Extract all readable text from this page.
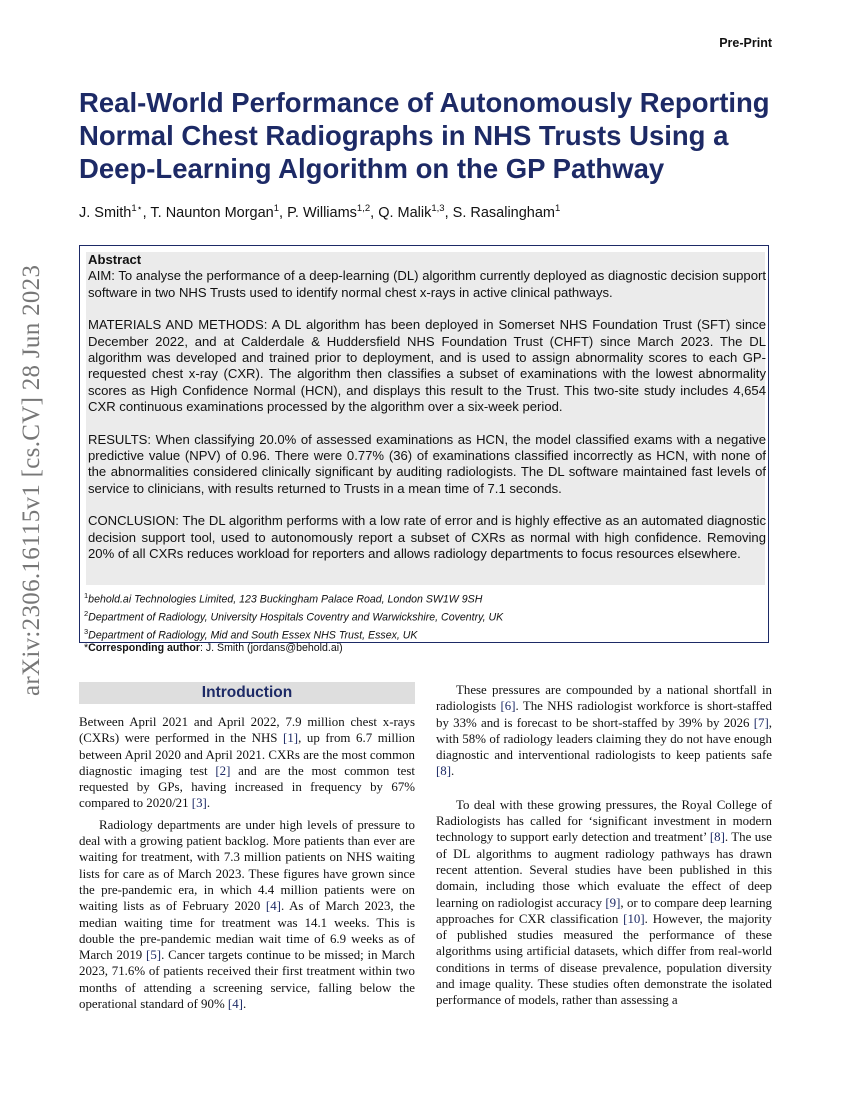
arXiv:2306.16115v1 [cs.CV] 28 Jun 2023
Pre-Print
Real-World Performance of Autonomously Reporting Normal Chest Radiographs in NHS Trusts Using a Deep-Learning Algorithm on the GP Pathway
J. Smith$^{1⋆}$, T. Naunton Morgan$^1$, P. Williams$^{1,2}$, Q. Malik$^{1,3}$, S. Rasalingham$^1$
Abstract

AIM: To analyse the performance of a deep-learning (DL) algorithm currently deployed as diagnostic decision support software in two NHS Trusts used to identify normal chest x-rays in active clinical pathways.

MATERIALS AND METHODS: A DL algorithm has been deployed in Somerset NHS Foundation Trust (SFT) since December 2022, and at Calderdale & Huddersfield NHS Foundation Trust (CHFT) since March 2023. The DL algorithm was developed and trained prior to deployment, and is used to assign abnormality scores to each GP-requested chest x-ray (CXR). The algorithm then classifies a subset of examinations with the lowest abnormality scores as High Confidence Normal (HCN), and displays this result to the Trust. This two-site study includes 4,654 CXR continuous examinations processed by the algorithm over a six-week period.

RESULTS: When classifying 20.0% of assessed examinations as HCN, the model classified exams with a negative predictive value (NPV) of 0.96. There were 0.77% (36) of examinations classified incorrectly as HCN, with none of the abnormalities considered clinically significant by auditing radiologists. The DL software maintained fast levels of service to clinicians, with results returned to Trusts in a mean time of 7.1 seconds.

CONCLUSION: The DL algorithm performs with a low rate of error and is highly effective as an automated diagnostic decision support tool, used to autonomously report a subset of CXRs as normal with high confidence. Removing 20% of all CXRs reduces workload for reporters and allows radiology departments to focus resources elsewhere.

$^1$behold.ai Technologies Limited, 123 Buckingham Palace Road, London SW1W 9SH
$^2$Department of Radiology, University Hospitals Coventry and Warwickshire, Coventry, UK
$^3$Department of Radiology, Mid and South Essex NHS Trust, Essex, UK
*Corresponding author: J. Smith (jordans@behold.ai)
Introduction

Between April 2021 and April 2022, 7.9 million chest x-rays (CXRs) were performed in the NHS [1], up from 6.7 million between April 2020 and April 2021. CXRs are the most common diagnostic imaging test [2] and are the most common test requested by GPs, having increased in frequency by 67% compared to 2020/21 [3].

Radiology departments are under high levels of pressure to deal with a growing patient backlog. More patients than ever are waiting for treatment, with 7.3 million patients on NHS waiting lists for care as of March 2023. These figures have grown since the pre-pandemic era, in which 4.4 million patients were on waiting lists as of February 2020 [4]. As of March 2023, the median waiting time for treatment was 14.1 weeks. This is double the pre-pandemic median wait time of 6.9 weeks as of March 2019 [5]. Cancer targets continue to be missed; in March 2023, 71.6% of patients received their first treatment within two months of attending a screening service, falling below the operational standard of 90% [4].

These pressures are compounded by a national shortfall in radiologists [6]. The NHS radiologist workforce is short-staffed by 33% and is forecast to be short-staffed by 39% by 2026 [7], with 58% of radiology leaders claiming they do not have enough diagnostic and interventional radiologists to keep patients safe [8].

To deal with these growing pressures, the Royal College of Radiologists has called for ‘significant investment in modern technology to support early detection and treatment’ [8]. The use of DL algorithms to augment radiology pathways has drawn recent attention. Several studies have been published in this domain, including those which evaluate the effect of deep learning on radiologist accuracy [9], or to compare deep learning approaches for CXR classification [10]. However, the majority of published studies measured the performance of these algorithms using artificial datasets, which differ from real-world conditions in terms of disease prevalence, population diversity and image quality. These studies often demonstrate the isolated performance of models, rather than assessing a
